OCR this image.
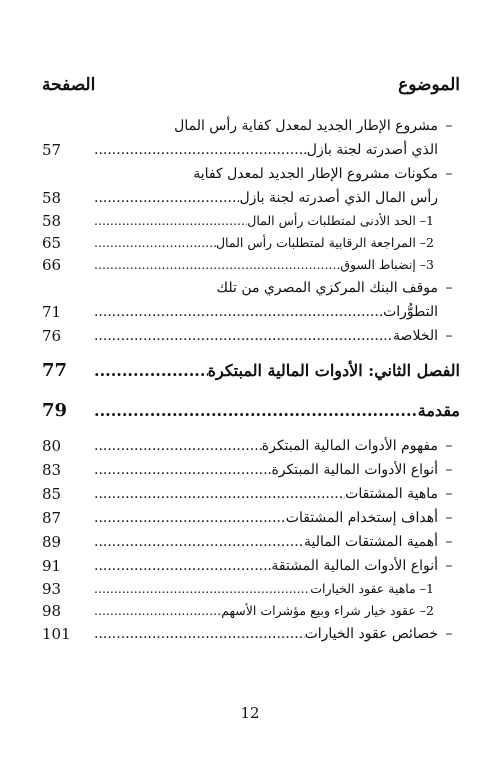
الموضوع
الصفحة
–
مشروع الإطار الجديد لمعدل كفاية رأس المال
الذي أصدرته لجنة بازل
.....
57
–
مكونات مشروع الإطار الجديد لمعدل كفاية
رأس المال الذي أصدرته لجنة بازل
.....
58
1– الحد الأدنى لمتطلبات رأس المال
.....
58
2– المراجعة الرقابية لمتطلبات رأس المال
.....
65
3– إنضباط السوق
.....
66
–
موقف البنك المركزي المصري من تلك
التطوُّرات
.....
71
–
الخلاصة
.....
76
الفصل الثاني: الأدوات المالية المبتكرة
.....
77
مقدمة
.....
79
–
مفهوم الأدوات المالية المبتكرة
.....
80
–
أنواع الأدوات المالية المبتكرة
.....
83
–
ماهية المشتقات
.....
85
–
أهداف إستخدام المشتقات
.....
87
–
أهمية المشتقات المالية
.....
89
–
أنواع الأدوات المالية المشتقة
.....
91
1– ماهية عقود الخيارات
.....
93
2– عقود خيار شراء وبيع مؤشرات الأسهم
.....
98
–
خصائص عقود الخيارات
.....
101
12
